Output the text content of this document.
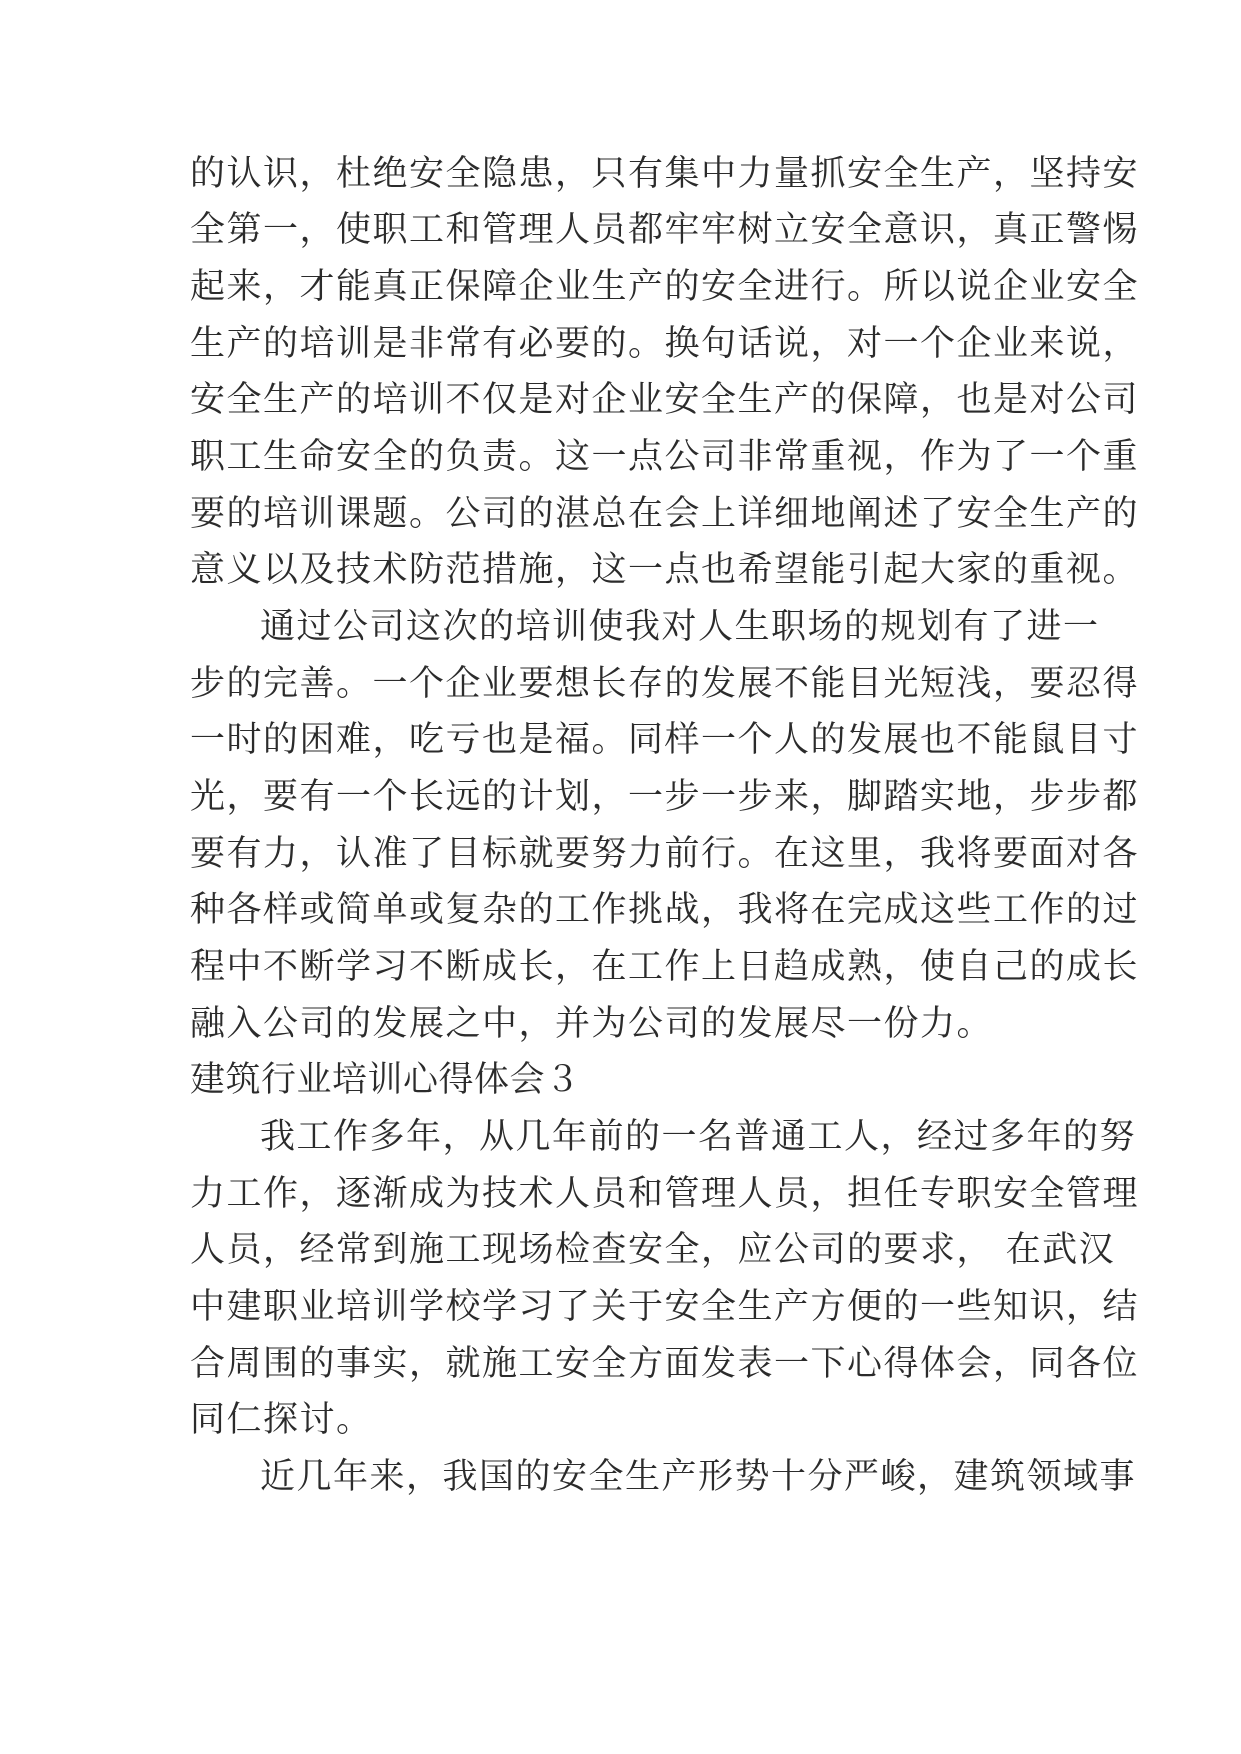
的认识，杜绝安全隐患，只有集中力量抓安全生产，坚持安
全第一，使职工和管理人员都牢牢树立安全意识，真正警惕
起来，才能真正保障企业生产的安全进行。所以说企业安全
生产的培训是非常有必要的。换句话说，对一个企业来说，
安全生产的培训不仅是对企业安全生产的保障，也是对公司
职工生命安全的负责。这一点公司非常重视，作为了一个重
要的培训课题。公司的湛总在会上详细地阐述了安全生产的
意义以及技术防范措施，这一点也希望能引起大家的重视。
通过公司这次的培训使我对人生职场的规划有了进一
步的完善。一个企业要想长存的发展不能目光短浅，要忍得
一时的困难，吃亏也是福。同样一个人的发展也不能鼠目寸
光，要有一个长远的计划，一步一步来，脚踏实地，步步都
要有力，认准了目标就要努力前行。在这里，我将要面对各
种各样或简单或复杂的工作挑战，我将在完成这些工作的过
程中不断学习不断成长，在工作上日趋成熟，使自己的成长
融入公司的发展之中，并为公司的发展尽一份力。
建筑行业培训心得体会３
我工作多年，从几年前的一名普通工人，经过多年的努
力工作，逐渐成为技术人员和管理人员，担任专职安全管理
人员，经常到施工现场检查安全，应公司的要求， 在武汉
中建职业培训学校学习了关于安全生产方便的一些知识，结
合周围的事实，就施工安全方面发表一下心得体会，同各位
同仁探讨。
近几年来，我国的安全生产形势十分严峻，建筑领域事
